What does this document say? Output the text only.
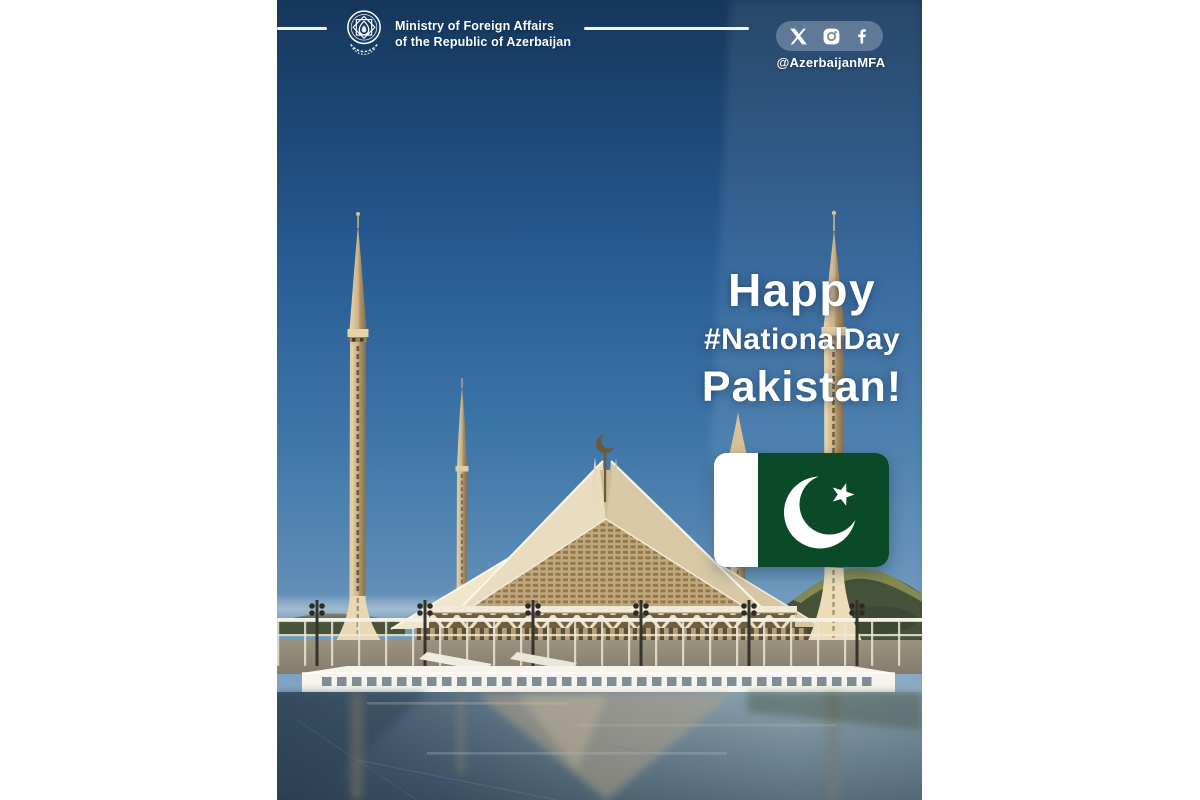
Ministry of Foreign Affairs
of the Republic of Azerbaijan
@AzerbaijanMFA
Happy
#NationalDay
Pakistan!
